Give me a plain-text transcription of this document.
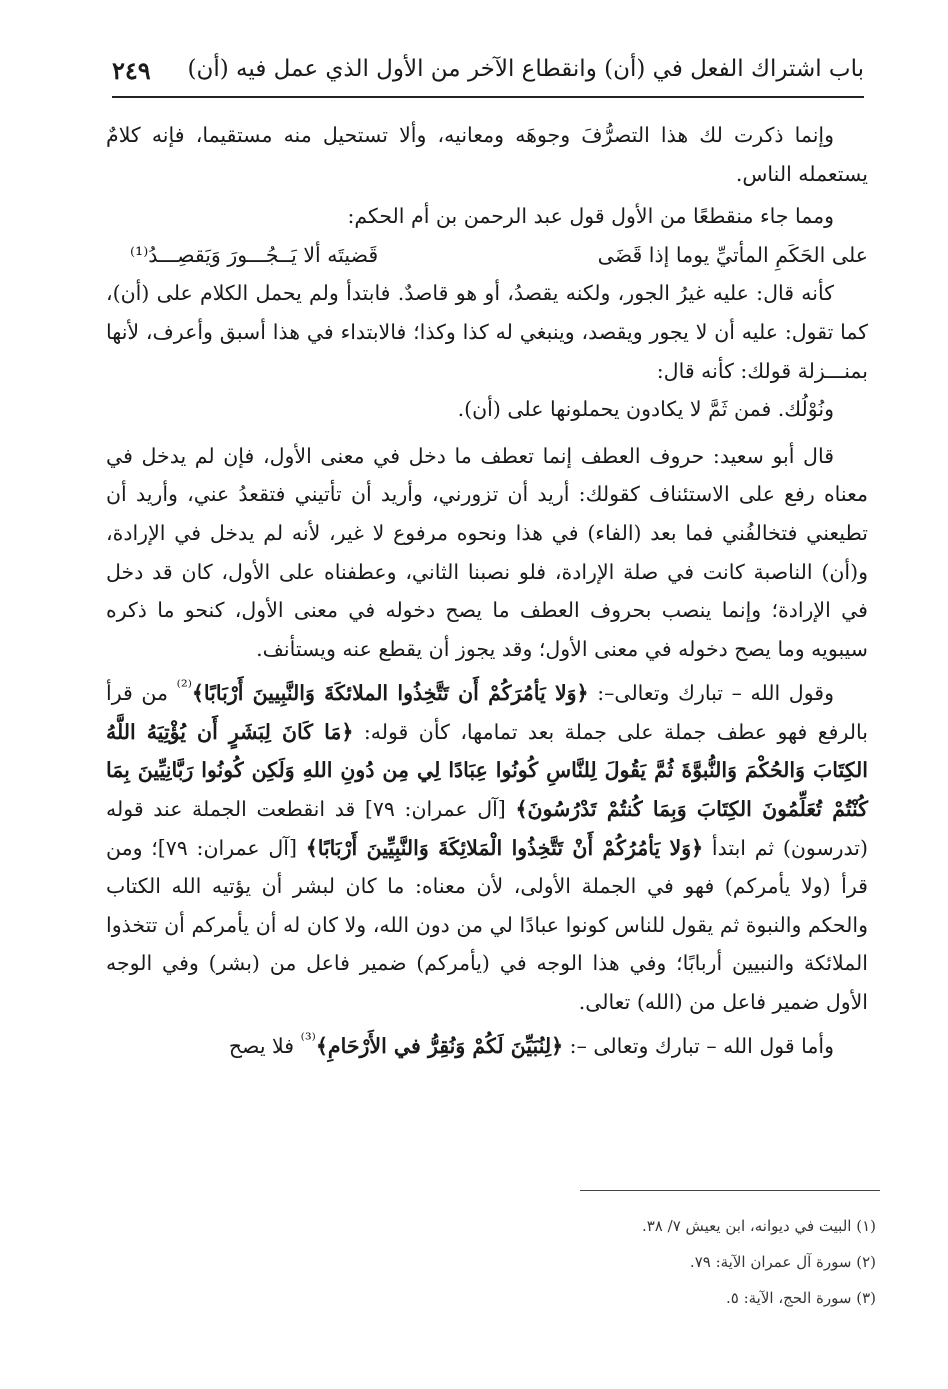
باب اشتراك الفعل في (أن) وانقطاع الآخر من الأول الذي عمل فيه (أن)
٢٤٩

وإنما ذكرت لك هذا التصرُّفَ وجوهَه ومعانيه، وألا تستحيل منه مستقيما، فإنه كلامٌ يستعمله الناس.

ومما جاء منقطعًا من الأول قول عبد الرحمن بن أم الحكم:

على الحَكَمِ المأتيِّ يوما إذا قَضَى
قَضيتَه ألا يَــجُـــورَ وَيَقصِـــدُ⁽¹⁾

كأنه قال: عليه غيرُ الجور، ولكنه يقصدُ، أو هو قاصدٌ. فابتدأ ولم يحمل الكلام على (أن)، كما تقول: عليه أن لا يجور ويقصد، وينبغي له كذا وكذا؛ فالابتداء في هذا أسبق وأعرف، لأنها بمنـــزلة قولك: كأنه قال:

ونُوْلُك. فمن ثَمَّ لا يكادون يحملونها على (أن).

قال أبو سعيد: حروف العطف إنما تعطف ما دخل في معنى الأول، فإن لم يدخل في معناه رفع على الاستئناف كقولك: أريد أن تزورني، وأريد أن تأتيني فتقعدُ عني، وأريد أن تطيعني فتخالفُني فما بعد (الفاء) في هذا ونحوه مرفوع لا غير، لأنه لم يدخل في الإرادة، و(أن) الناصبة كانت في صلة الإرادة، فلو نصبنا الثاني، وعطفناه على الأول، كان قد دخل في الإرادة؛ وإنما ينصب بحروف العطف ما يصح دخوله في معنى الأول، كنحو ما ذكره سيبويه وما يصح دخوله في معنى الأول؛ وقد يجوز أن يقطع عنه ويستأنف.

وقول الله – تبارك وتعالى–: ﴿وَلا يَأمُرَكُمْ أَن تَتَّخِذُوا الملائكَةَ وَالنَّبِيينَ أَرْبَابًا﴾$^{^{(2)}}$ من قرأ بالرفع فهو عطف جملة على جملة بعد تمامها، كأن قوله: ﴿مَا كَانَ لِبَشَرٍ أَن يُؤْتِيَهُ اللَّهُ الكِتَابَ وَالحُكْمَ وَالنُّبوَّةَ ثُمَّ يَقُولَ لِلنَّاسِ كُونُوا عِبَادًا لِي مِن دُونِ اللهِ وَلَكِن كُونُوا رَبَّانِيِّينَ بِمَا كُنْتُمْ تُعَلِّمُونَ الكِتَابَ وَبِمَا كُنتُمْ تَدْرُسُونَ﴾ [آل عمران: ٧٩] قد انقطعت الجملة عند قوله (تدرسون) ثم ابتدأ ﴿وَلا يَأمُرُكُمْ أَنْ تَتَّخِذُوا الْمَلائِكَةَ وَالنَّبِيِّينَ أَرْبَابًا﴾ [آل عمران: ٧٩]؛ ومن قرأ (ولا يأمركم) فهو في الجملة الأولى، لأن معناه: ما كان لبشر أن يؤتيه الله الكتاب والحكم والنبوة ثم يقول للناس كونوا عبادًا لي من دون الله، ولا كان له أن يأمركم أن تتخذوا الملائكة والنبيين أربابًا؛ وفي هذا الوجه في (يأمركم) ضمير فاعل من (بشر) وفي الوجه الأول ضمير فاعل من (الله) تعالى.

وأما قول الله – تبارك وتعالى –: ﴿لِنُبَيِّنَ لَكُمْ وَنُقِرُّ في الأَرْحَامِ﴾$^{^{(3)}}$ فلا يصح

(١) البيت في ديوانه، ابن يعيش ٧/ ٣٨.
(٢) سورة آل عمران الآية: ٧٩.
(٣) سورة الحج، الآية: ٥.
